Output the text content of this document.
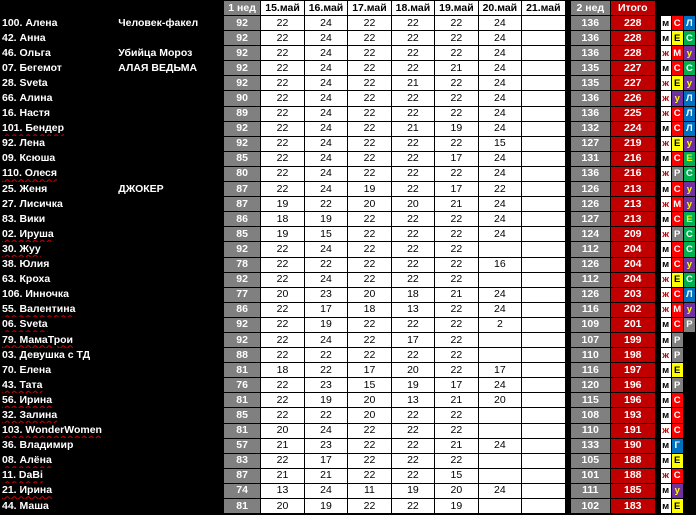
		1 нед	15.май	16.май	17.май	18.май	19.май	20.май	21.май		2 нед	Итого				
100. Алена	Человек-факел	92	22	24	22	22	22	24			136	228		м	С	Л
42. Анна		92	22	24	22	22	22	24			136	228		м	Е	С
46. Ольга	Убийца Мороз	92	22	24	22	22	22	24			136	228		ж	М	у
07. Бегемот	АЛАЯ ВЕДЬМА	92	22	24	22	22	21	24			135	227		м	С	С
28. Sveta		92	22	24	22	21	22	24			135	227		ж	Е	у
66. Алина		90	22	24	22	22	22	24			136	226		ж	у	Л
16. Настя		89	22	24	22	22	22	24			136	225		ж	С	Л
101. Бендер		92	22	24	22	21	19	24			132	224		м	С	Л
92. Лена		92	22	24	22	22	22	15			127	219		ж	Е	у
09. Ксюша		85	22	24	22	22	17	24			131	216		м	С	Е
110. Олеся		80	22	24	22	22	22	24			136	216		ж	Р	С
25. Женя	ДЖОКЕР	87	22	24	19	22	17	22			126	213		м	С	у
27. Лисичка		87	19	22	20	20	21	24			126	213		ж	М	у
83. Вики		86	18	19	22	22	22	24			127	213		м	С	Е
02. Ируша		85	19	15	22	22	22	24			124	209		ж	Р	С
30. Жуу		92	22	24	22	22	22				112	204		м	С	С
38. Юлия		78	22	22	22	22	22	16			126	204		м	С	у
63. Кроха		92	22	24	22	22	22				112	204		ж	Е	С
106. Инночка		77	20	23	20	18	21	24			126	203		ж	С	Л
55. Валентина		86	22	17	18	13	22	24			116	202		ж	М	у
06. Sveta		92	22	19	22	22	22	2			109	201		м	С	Р
79. МамаТрои		92	22	24	22	17	22				107	199		м	Р	
03. Девушка с ТД		88	22	22	22	22	22				110	198		ж	Р	
70. Елена		81	18	22	17	20	22	17			116	197		м	Е	
43. Тата		76	22	23	15	19	17	24			120	196		м	Р	
56. Ирина		81	22	19	20	13	21	20			115	196		м	С	
32. Залина		85	22	22	20	22	22				108	193		м	С	
103. WonderWomen		81	20	24	22	22	22				110	191		ж	С	
36. Владимир		57	21	23	22	22	21	24			133	190		м	Г	
08. Алёна		83	22	17	22	22	22				105	188		м	Е	
11. DaBi		87	21	21	22	22	15				101	188		ж	С	
21. Ирина		74	13	24	11	19	20	24			111	185		м	у	
44. Маша		81	20	19	22	22	19				102	183		м	Е	
